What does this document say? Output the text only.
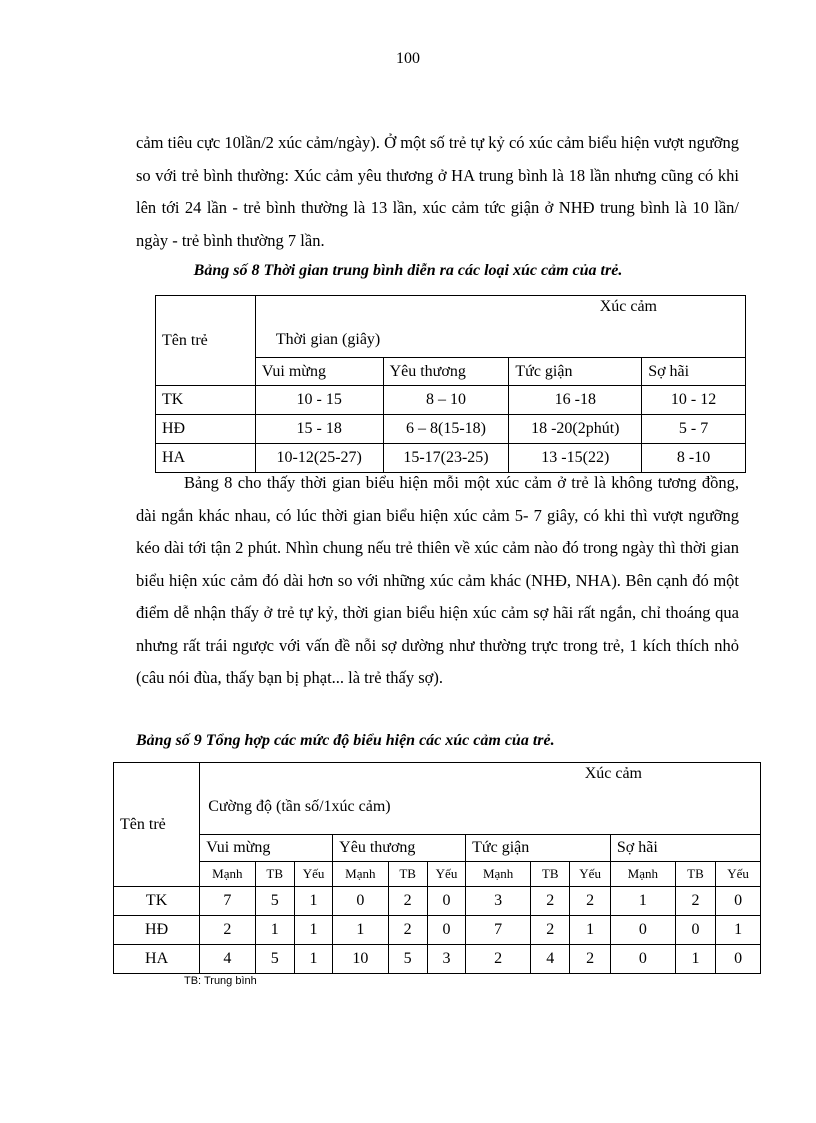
100

cảm tiêu cực 10lần/2 xúc cảm/ngày). Ở một số trẻ tự kỷ có xúc cảm biểu hiện vượt ngưỡng so với trẻ bình thường: Xúc cảm yêu thương ở HA trung bình là 18 lần nhưng cũng có khi lên tới 24 lần - trẻ bình thường là 13 lần, xúc cảm tức giận ở NHĐ trung bình là 10 lần/ ngày - trẻ bình thường 7 lần.

Bảng số 8 Thời gian trung bình diễn ra các loại xúc cảm của trẻ.
Tên trẻ	Xúc cảm
Thời gian (giây)			

	Vui mừng	Yêu thương	Tức giận	Sợ hãi
TK	10 - 15	8 – 10	16 -18	10 - 12
HĐ	15 - 18	6 – 8(15-18)	18 -20(2phút)	5 - 7
HA	10-12(25-27)	15-17(23-25)	13 -15(22)	8 -10

Bảng 8 cho thấy thời gian biểu hiện mỗi một xúc cảm ở trẻ là không tương đồng, dài ngắn khác nhau, có lúc thời gian biểu hiện xúc cảm 5- 7 giây, có khi thì vượt ngưỡng kéo dài tới tận 2 phút. Nhìn chung nếu trẻ thiên về xúc cảm nào đó trong ngày thì thời gian biểu hiện xúc cảm đó dài hơn so với những xúc cảm khác (NHĐ, NHA). Bên cạnh đó một điểm dễ nhận thấy ở trẻ tự kỷ, thời gian biểu hiện xúc cảm sợ hãi rất ngắn, chỉ thoáng qua nhưng rất trái ngược với vấn đề nỗi sợ dường như thường trực trong trẻ, 1 kích thích nhỏ (câu nói đùa, thấy bạn bị phạt... là trẻ thấy sợ).

Bảng số 9 Tổng hợp các mức độ biểu hiện các xúc cảm của trẻ.
Tên trẻ	Xúc cảm
Cường độ (tần số/1xúc cảm)											

	Vui mừng			Yêu thương			Tức giận			Sợ hãi		
	Mạnh	TB	Yếu	Mạnh	TB	Yếu	Mạnh	TB	Yếu	Mạnh	TB	Yếu
TK	7	5	1	0	2	0	3	2	2	1	2	0
HĐ	2	1	1	1	2	0	7	2	1	0	0	1
HA	4	5	1	10	5	3	2	4	2	0	1	0
TB: Trung bình
